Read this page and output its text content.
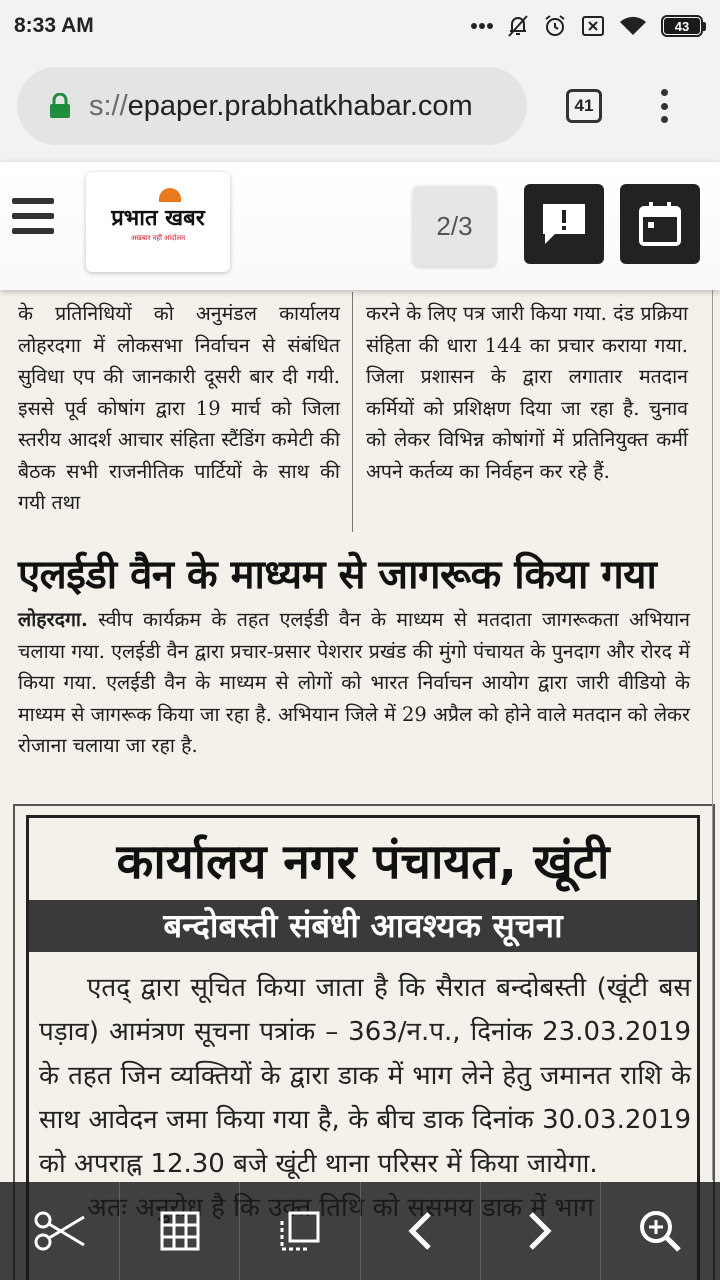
8:33 AM	43
s://epaper.prabhatkhabar.com	41
के प्रतिनिधियों को अनुमंडल कार्यालय लोहरदगा में लोकसभा निर्वाचन से संबंधित सुविधा एप की जानकारी दूसरी बार दी गयी. इससे पूर्व कोषांग द्वारा 19 मार्च को जिला स्तरीय आदर्श आचार संहिता स्टैंडिंग कमेटी की बैठक सभी राजनीतिक पार्टियों के साथ की गयी तथा
करने के लिए पत्र जारी किया गया. दंड प्रक्रिया संहिता की धारा 144 का प्रचार कराया गया. जिला प्रशासन के द्वारा लगातार मतदान कर्मियों को प्रशिक्षण दिया जा रहा है. चुनाव को लेकर विभिन्न कोषांगों में प्रतिनियुक्त कर्मी अपने कर्तव्य का निर्वहन कर रहे हैं.
एलईडी वैन के माध्यम से जागरूक किया गया
लोहरदगा. स्वीप कार्यक्रम के तहत एलईडी वैन के माध्यम से मतदाता जागरूकता अभियान चलाया गया. एलईडी वैन द्वारा प्रचार-प्रसार पेशरार प्रखंड की मुंगो पंचायत के पुनदाग और रोरद में किया गया. एलईडी वैन के माध्यम से लोगों को भारत निर्वाचन आयोग द्वारा जारी वीडियो के माध्यम से जागरूक किया जा रहा है. अभियान जिले में 29 अप्रैल को होने वाले मतदान को लेकर रोजाना चलाया जा रहा है.
कार्यालय नगर पंचायत, खूंटी
बन्दोबस्ती संबंधी आवश्यक सूचना

एतद् द्वारा सूचित किया जाता है कि सैरात बन्दोबस्ती (खूंटी बस पड़ाव) आमंत्रण सूचना पत्रांक – 363/न.प., दिनांक 23.03.2019 के तहत जिन व्यक्तियों के द्वारा डाक में भाग लेने हेतु जमानत राशि के साथ आवेदन जमा किया गया है, के बीच डाक दिनांक 30.03.2019 को अपराह्न 12.30 बजे खूंटी थाना परिसर में किया जायेगा.

प्रभात खबर
अखबार नहीं आंदोलन	2/3
